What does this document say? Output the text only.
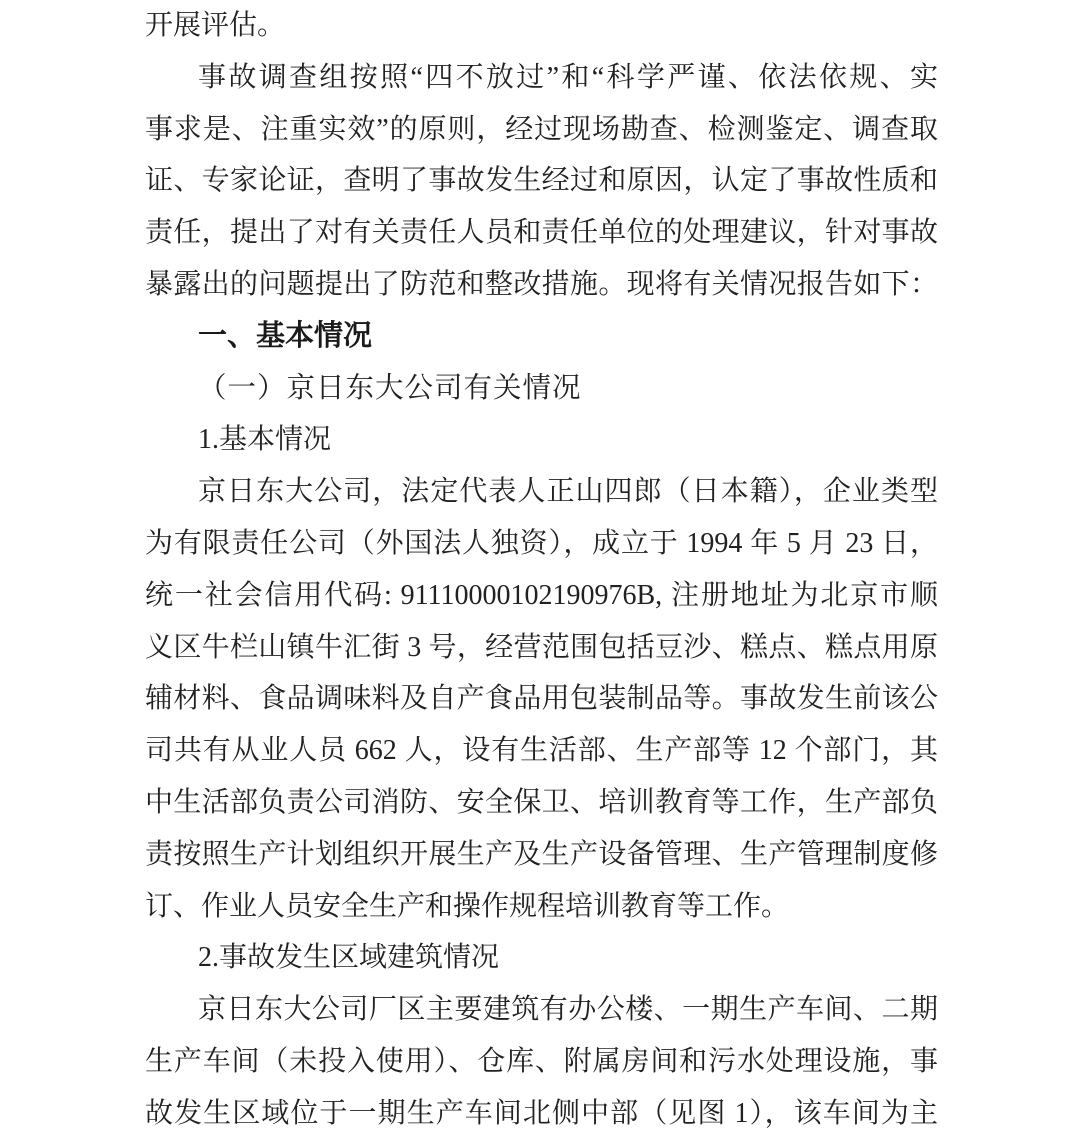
开展评估。
事故调查组按照“四不放过”和“科学严谨、依法依规、实
事求是、注重实效”的原则，经过现场勘查、检测鉴定、调查取
证、专家论证，查明了事故发生经过和原因，认定了事故性质和
责任，提出了对有关责任人员和责任单位的处理建议，针对事故
暴露出的问题提出了防范和整改措施。现将有关情况报告如下：
一、基本情况
（一）京日东大公司有关情况
1.基本情况
京日东大公司，法定代表人正山四郎（日本籍），企业类型
为有限责任公司（外国法人独资），成立于 1994 年 5 月 23 日，
统一社会信用代码: 91110000102190976B, 注册地址为北京市顺
义区牛栏山镇牛汇街 3 号，经营范围包括豆沙、糕点、糕点用原
辅材料、食品调味料及自产食品用包装制品等。事故发生前该公
司共有从业人员 662 人，设有生活部、生产部等 12 个部门，其
中生活部负责公司消防、安全保卫、培训教育等工作，生产部负
责按照生产计划组织开展生产及生产设备管理、生产管理制度修
订、作业人员安全生产和操作规程培训教育等工作。
2.事故发生区域建筑情况
京日东大公司厂区主要建筑有办公楼、一期生产车间、二期
生产车间（未投入使用）、仓库、附属房间和污水处理设施，事
故发生区域位于一期生产车间北侧中部（见图 1），该车间为主
